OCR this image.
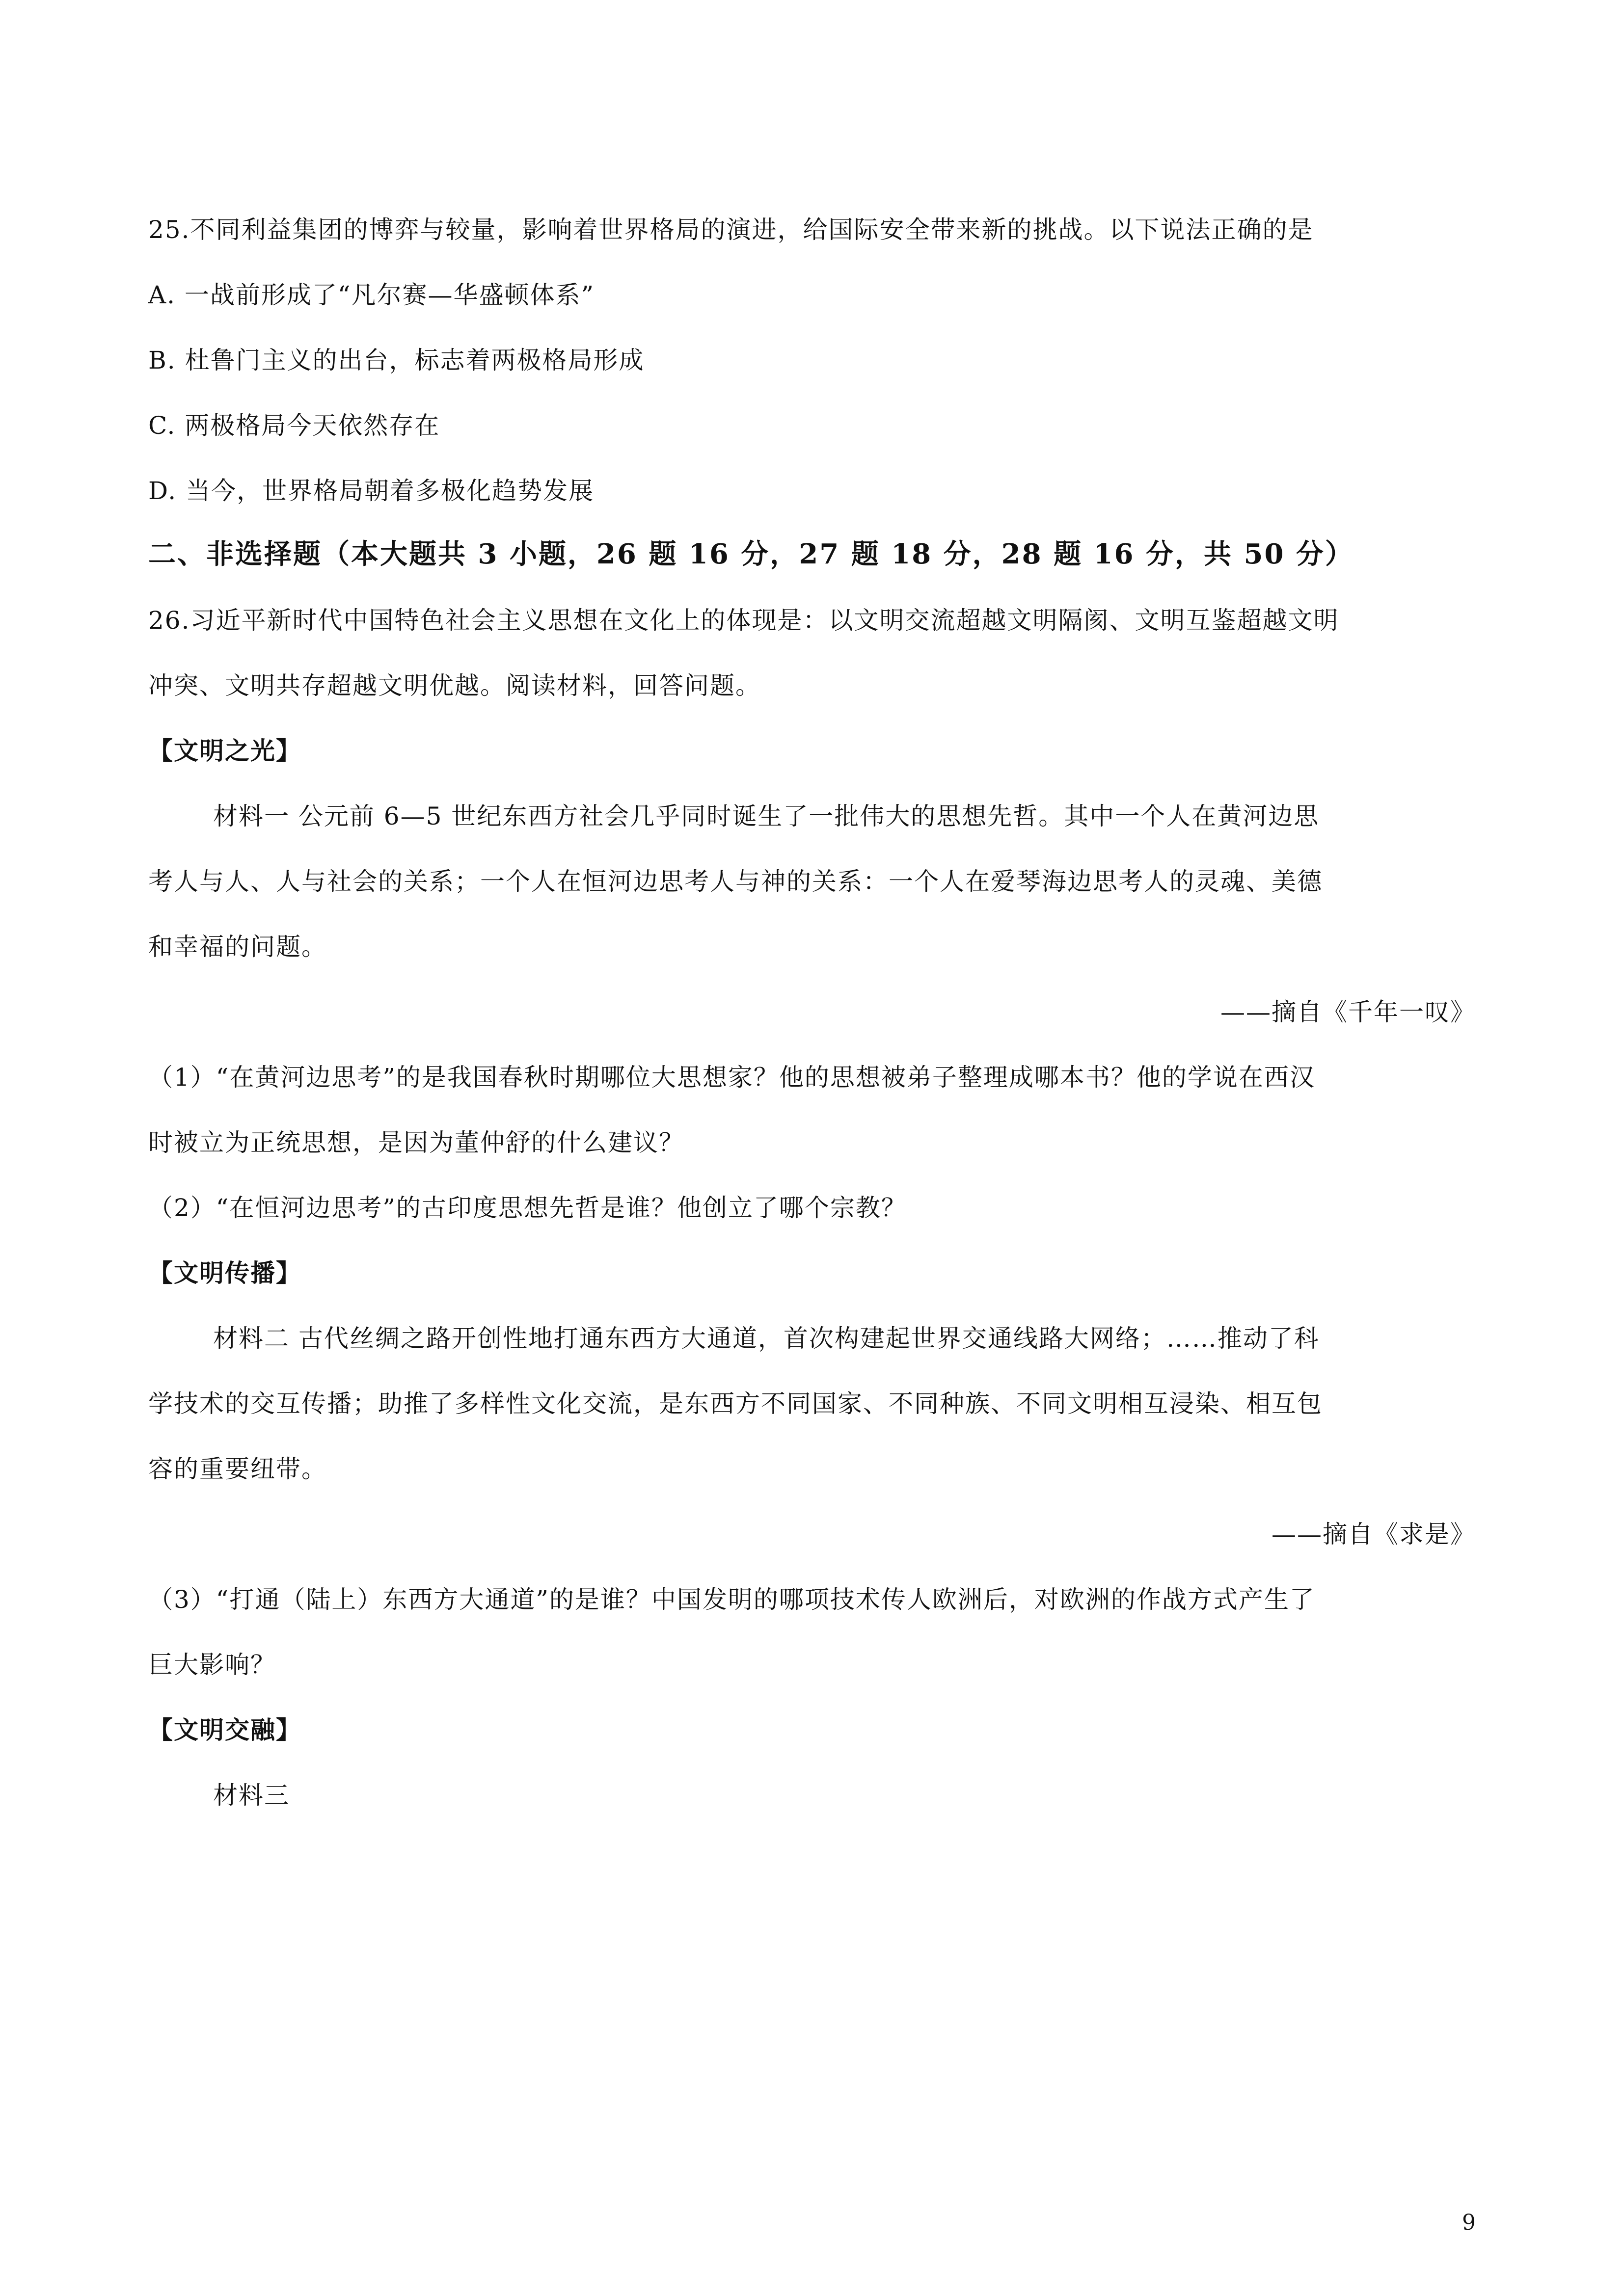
25.不同利益集团的博弈与较量，影响着世界格局的演进，给国际安全带来新的挑战。以下说法正确的是
A. 一战前形成了“凡尔赛—华盛顿体系”
B. 杜鲁门主义的出台，标志着两极格局形成
C. 两极格局今天依然存在
D. 当今，世界格局朝着多极化趋势发展
二、非选择题（本大题共 3 小题，26 题 16 分，27 题 18 分，28 题 16 分，共 50 分）
26.习近平新时代中国特色社会主义思想在文化上的体现是：以文明交流超越文明隔阂、文明互鉴超越文明
冲突、文明共存超越文明优越。阅读材料，回答问题。
【文明之光】
材料一 公元前 6—5 世纪东西方社会几乎同时诞生了一批伟大的思想先哲。其中一个人在黄河边思
考人与人、人与社会的关系；一个人在恒河边思考人与神的关系：一个人在爱琴海边思考人的灵魂、美德
和幸福的问题。
——摘自《千年一叹》
（1）“在黄河边思考”的是我国春秋时期哪位大思想家？他的思想被弟子整理成哪本书？他的学说在西汉
时被立为正统思想，是因为董仲舒的什么建议？
（2）“在恒河边思考”的古印度思想先哲是谁？他创立了哪个宗教？
【文明传播】
材料二 古代丝绸之路开创性地打通东西方大通道，首次构建起世界交通线路大网络；……推动了科
学技术的交互传播；助推了多样性文化交流，是东西方不同国家、不同种族、不同文明相互浸染、相互包
容的重要纽带。
——摘自《求是》
（3）“打通（陆上）东西方大通道”的是谁？中国发明的哪项技术传人欧洲后，对欧洲的作战方式产生了
巨大影响？
【文明交融】
材料三
9
